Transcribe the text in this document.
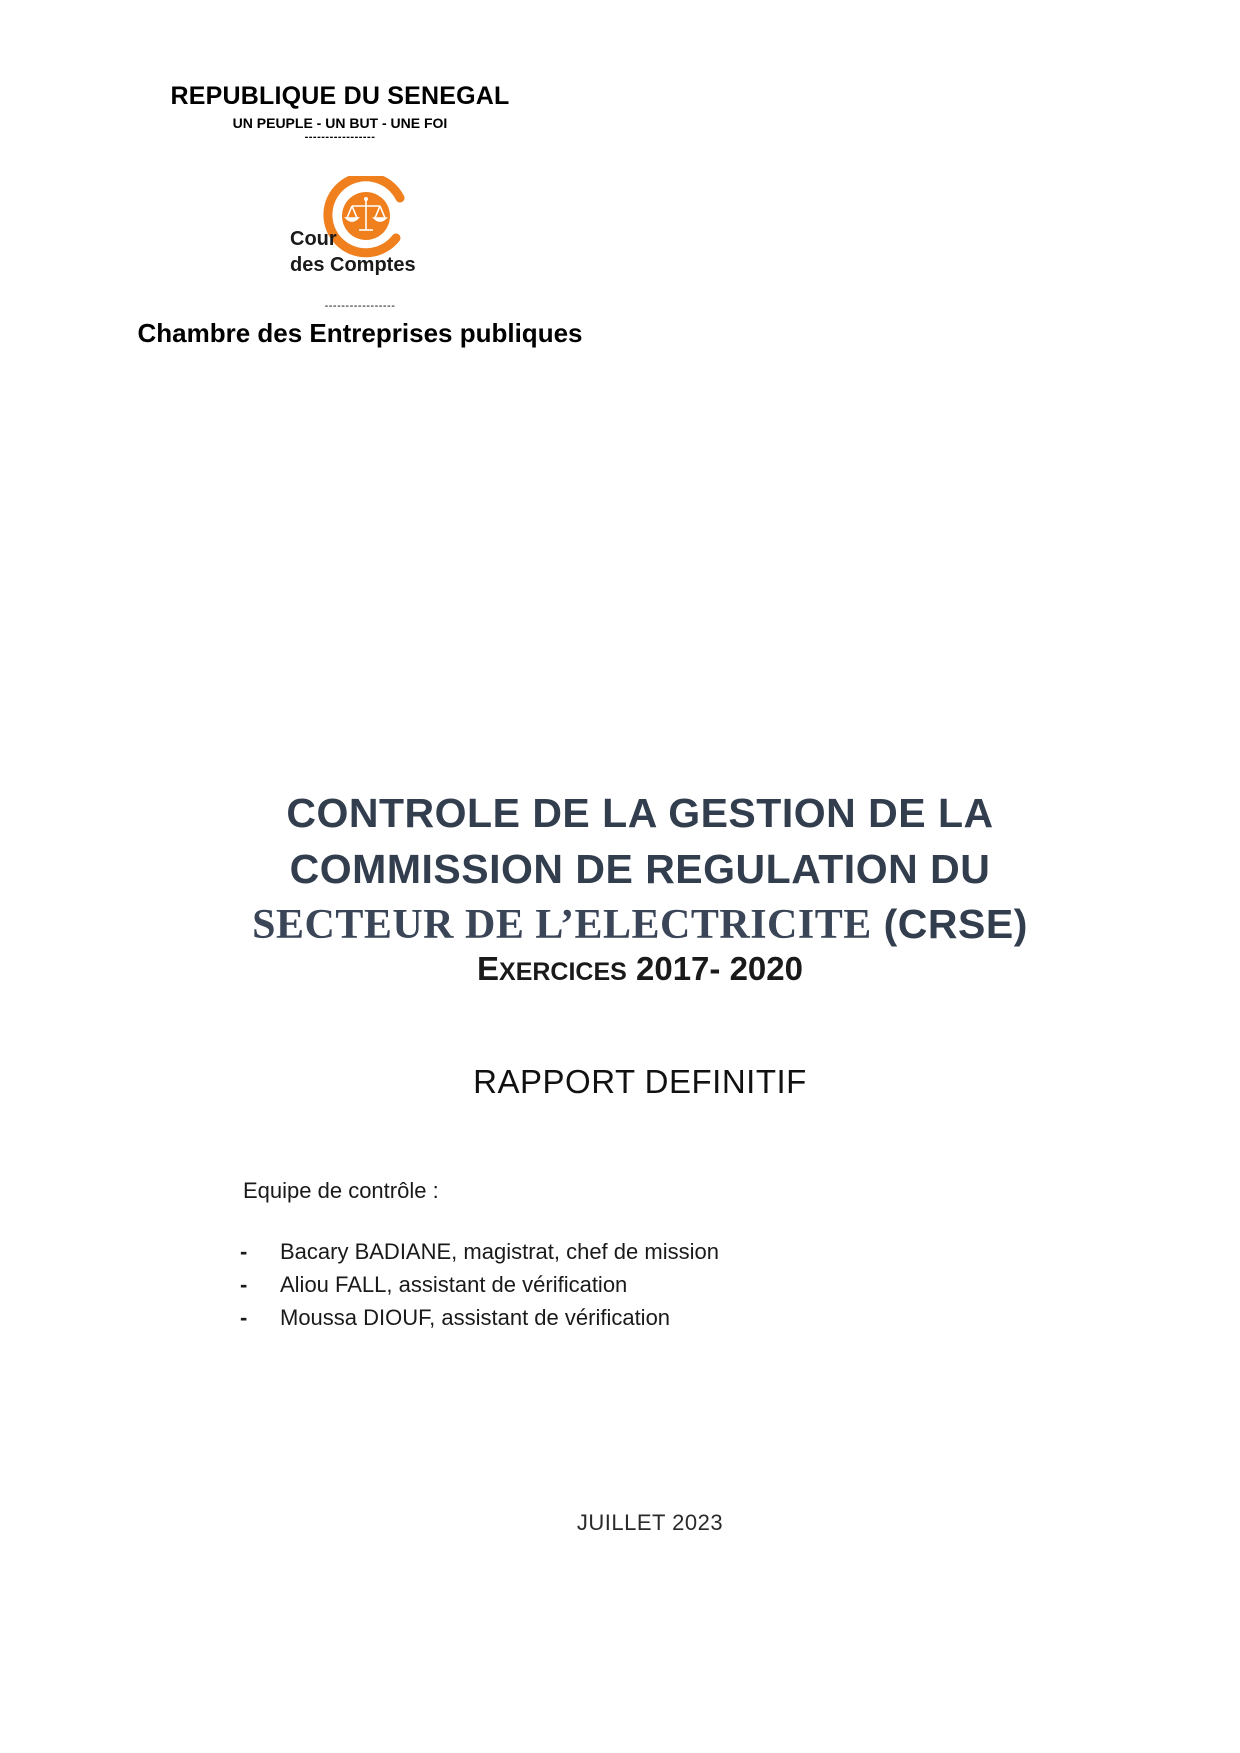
REPUBLIQUE DU SENEGAL
UN PEUPLE - UN BUT - UNE FOI
-----------------
Cour
des Comptes
-----------------
Chambre des Entreprises publiques
CONTROLE DE LA GESTION DE LA
COMMISSION DE REGULATION DU
SECTEUR DE L’ELECTRICITE (CRSE)
EXERCICES 2017- 2020
RAPPORT DEFINITIF
Equipe de contrôle :
-	Bacary BADIANE, magistrat, chef de mission
-	Aliou FALL, assistant de vérification
-	Moussa DIOUF, assistant de vérification
JUILLET 2023
